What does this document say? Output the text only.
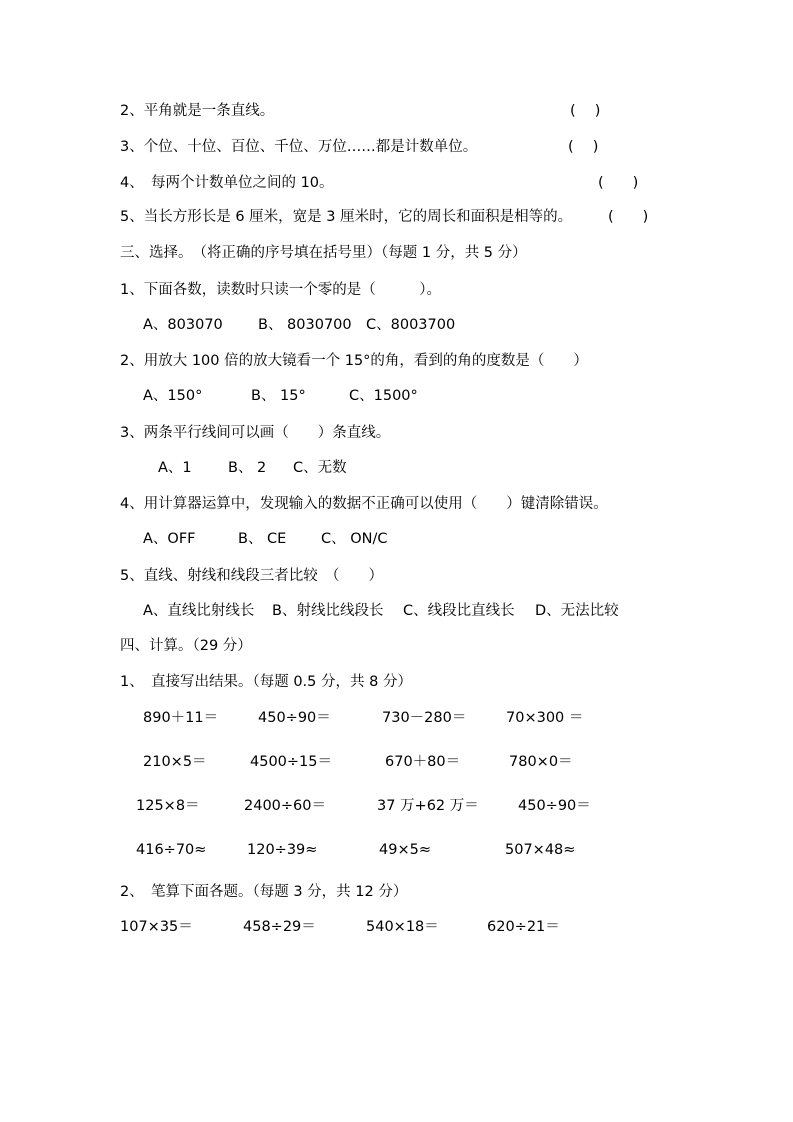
2、平角就是一条直线。	(　 )
3、个位、十位、百位、千位、万位……都是计数单位。	(　 )
4、　每两个计数单位之间的 10。	(　　)
5、当长方形长是 6 厘米，宽是 3 厘米时，它的周长和面积是相等的。 (　　)
三、选择。　（将正确的序号填在括号里）（每题 1 分，共 5 分）
1、下面各数，读数时只读一个零的是（　　　）。
A、803070 B、 8030700 C、8003700
2、用放大 100 倍的放大镜看一个 15°的角，看到的角的度数是（　　）
A、150°	B、 15°	C、1500°
3、两条平行线间可以画（　　）条直线。
A、1	B、 2 C、无数
4、用计算器运算中，发现输入的数据不正确可以使用（　　）键清除错误。
A、OFF	B、 CE C、 ON/C
5、直线、射线和线段三者比较　（　　）
A、直线比射线长 B、射线比线段长 C、线段比直线长 D、无法比较
四、计算。（29 分）
1、　直接写出结果。（每题 0.5 分，共 8 分）
890＋11＝	450÷90＝	730－280＝	70×300 ＝
210×5＝	4500÷15＝	670＋80＝	780×0＝
125×8＝	2400÷60＝	37 万+62 万＝	450÷90＝
416÷70≈	120÷39≈	49×5≈	507×48≈
2、　笔算下面各题。（每题 3 分，共 12 分）
107×35＝	458÷29＝	540×18＝	620÷21＝
